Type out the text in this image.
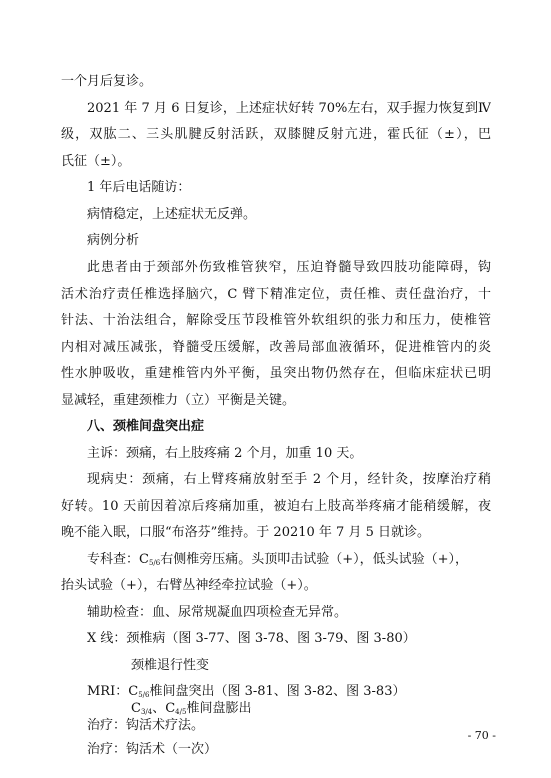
一个月后复诊。
2021 年 7 月 6 日复诊，上述症状好转 70%左右，双手握力恢复到Ⅳ
级，双肱二、三头肌腱反射活跃，双膝腱反射亢进，霍氏征（±），巴
氏征（±）。
1 年后电话随访：
病情稳定，上述症状无反弹。
病例分析
此患者由于颈部外伤致椎管狭窄，压迫脊髓导致四肢功能障碍，钩
活术治疗责任椎选择脑穴，C 臂下精准定位，责任椎、责任盘治疗，十
针法、十治法组合，解除受压节段椎管外软组织的张力和压力，使椎管
内相对减压减张，脊髓受压缓解，改善局部血液循环，促进椎管内的炎
性水肿吸收，重建椎管内外平衡，虽突出物仍然存在，但临床症状已明
显减轻，重建颈椎力（立）平衡是关键。
八、颈椎间盘突出症
主诉：颈痛，右上肢疼痛 2 个月，加重 10 天。
现病史：颈痛，右上臂疼痛放射至手 2 个月，经针灸，按摩治疗稍
好转。10 天前因着凉后疼痛加重，被迫右上肢高举疼痛才能稍缓解，夜
晚不能入眠，口服“布洛芬”维持。于 20210 年 7 月 5 日就诊。
专科查：$C_{5/6}$右侧椎旁压痛。头顶叩击试验（+），低头试验（+），
抬头试验（+），右臂丛神经牵拉试验（+）。
辅助检查：血、尿常规凝血四项检查无异常。
X 线：颈椎病（图 3-77、图 3-78、图 3-79、图 3-80）
颈椎退行性变
MRI：$C_{5/6}$椎间盘突出（图 3-81、图 3-82、图 3-83）
$C_{3/4}$、$C_{4/5}$椎间盘膨出
治疗：钩活术疗法。
治疗：钩活术（一次）
- 70 -
